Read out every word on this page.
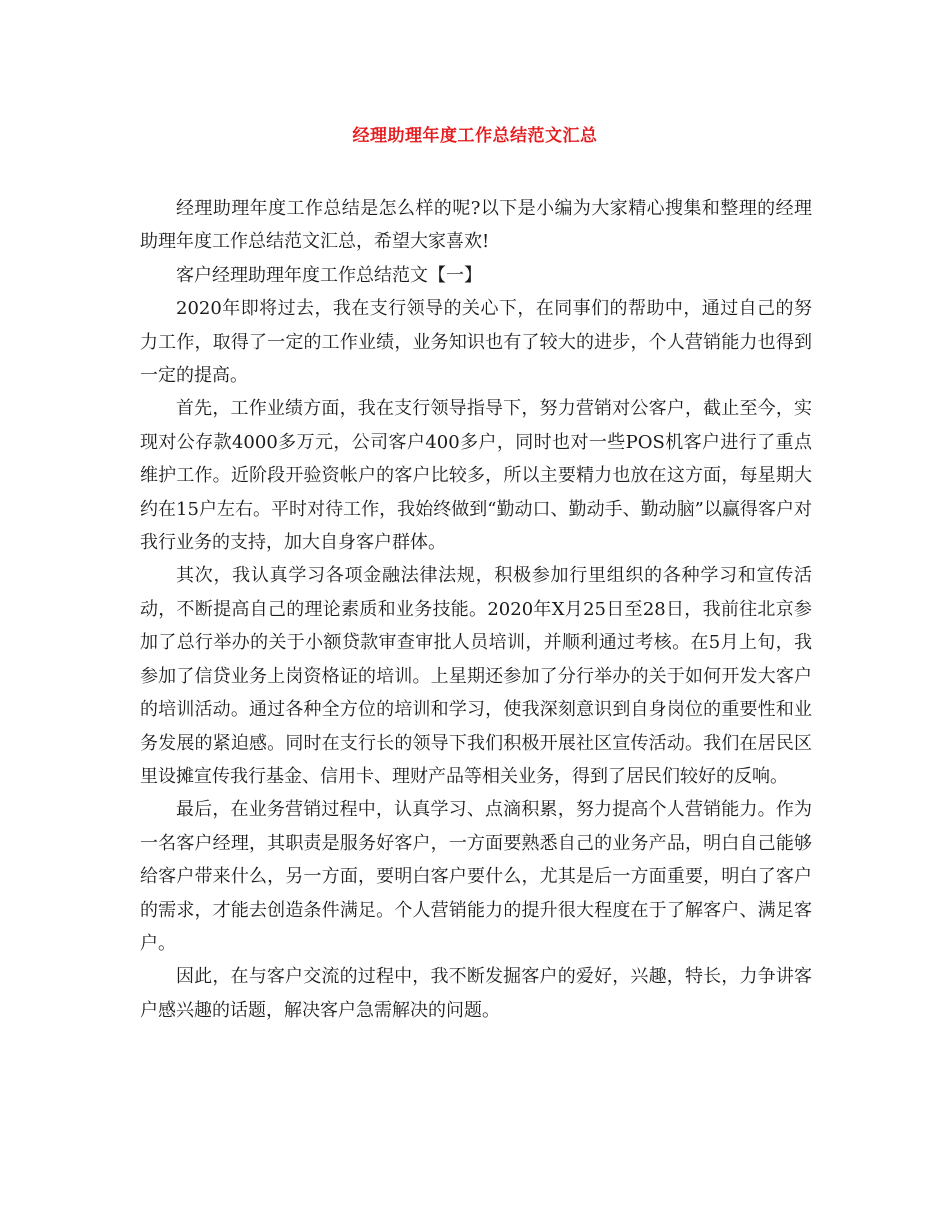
经理助理年度工作总结范文汇总

经理助理年度工作总结是怎么样的呢?以下是小编为大家精心搜集和整理的经理助理年度工作总结范文汇总，希望大家喜欢!

客户经理助理年度工作总结范文【一】

2020年即将过去，我在支行领导的关心下，在同事们的帮助中，通过自己的努力工作，取得了一定的工作业绩，业务知识也有了较大的进步，个人营销能力也得到一定的提高。

首先，工作业绩方面，我在支行领导指导下，努力营销对公客户，截止至今，实现对公存款4000多万元，公司客户400多户，同时也对一些POS机客户进行了重点维护工作。近阶段开验资帐户的客户比较多，所以主要精力也放在这方面，每星期大约在15户左右。平时对待工作，我始终做到“勤动口、勤动手、勤动脑”以赢得客户对我行业务的支持，加大自身客户群体。

其次，我认真学习各项金融法律法规，积极参加行里组织的各种学习和宣传活动，不断提高自己的理论素质和业务技能。2020年X月25日至28日，我前往北京参加了总行举办的关于小额贷款审查审批人员培训，并顺利通过考核。在5月上旬，我参加了信贷业务上岗资格证的培训。上星期还参加了分行举办的关于如何开发大客户的培训活动。通过各种全方位的培训和学习，使我深刻意识到自身岗位的重要性和业务发展的紧迫感。同时在支行长的领导下我们积极开展社区宣传活动。我们在居民区里设摊宣传我行基金、信用卡、理财产品等相关业务，得到了居民们较好的反响。

最后，在业务营销过程中，认真学习、点滴积累，努力提高个人营销能力。作为一名客户经理，其职责是服务好客户，一方面要熟悉自己的业务产品，明白自己能够给客户带来什么，另一方面，要明白客户要什么，尤其是后一方面重要，明白了客户的需求，才能去创造条件满足。个人营销能力的提升很大程度在于了解客户、满足客户。

因此，在与客户交流的过程中，我不断发掘客户的爱好，兴趣，特长，力争讲客户感兴趣的话题，解决客户急需解决的问题。
